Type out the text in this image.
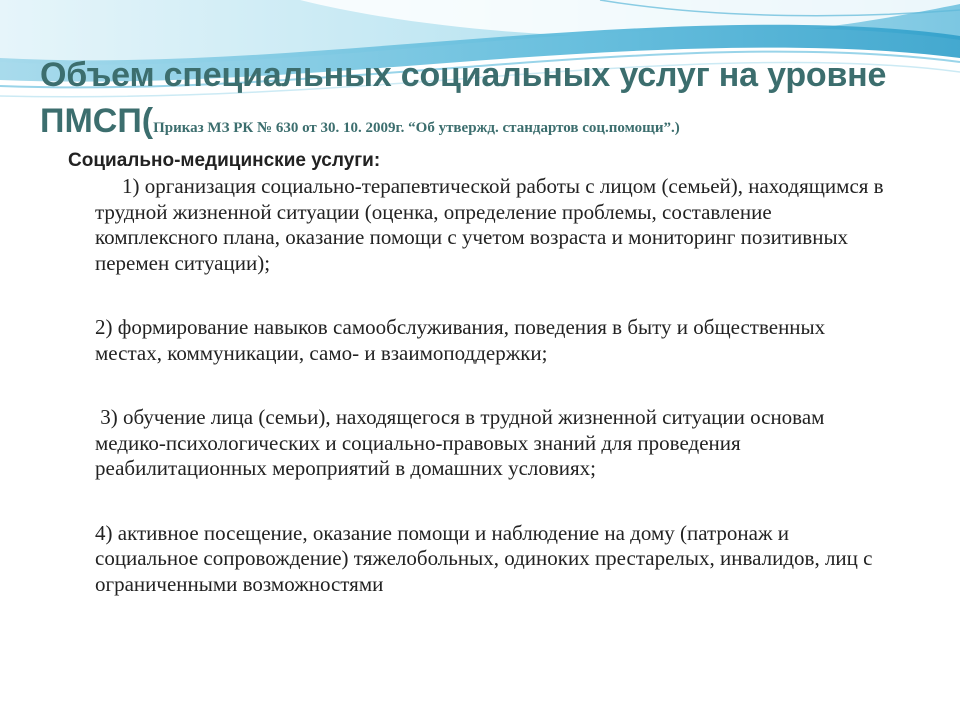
Объем специальных социальных услуг на уровне
ПМСП(Приказ МЗ РК № 630 от 30. 10. 2009г. “Об утвержд. стандартов соц.помощи”.)
Социально-медицинские услуги:
1) организация социально-терапевтической работы с лицом (семьей), находящимся в трудной жизненной ситуации (оценка, определение проблемы, составление комплексного плана, оказание помощи с учетом возраста и мониторинг позитивных перемен ситуации);
2) формирование навыков самообслуживания, поведения в быту и общественных местах, коммуникации, само- и взаимоподдержки;
3) обучение лица (семьи), находящегося в трудной жизненной ситуации основам медико-психологических и социально-правовых знаний для проведения реабилитационных мероприятий в домашних условиях;
4) активное посещение, оказание помощи и наблюдение на дому (патронаж и социальное сопровождение) тяжелобольных, одиноких престарелых, инвалидов, лиц с ограниченными возможностями
